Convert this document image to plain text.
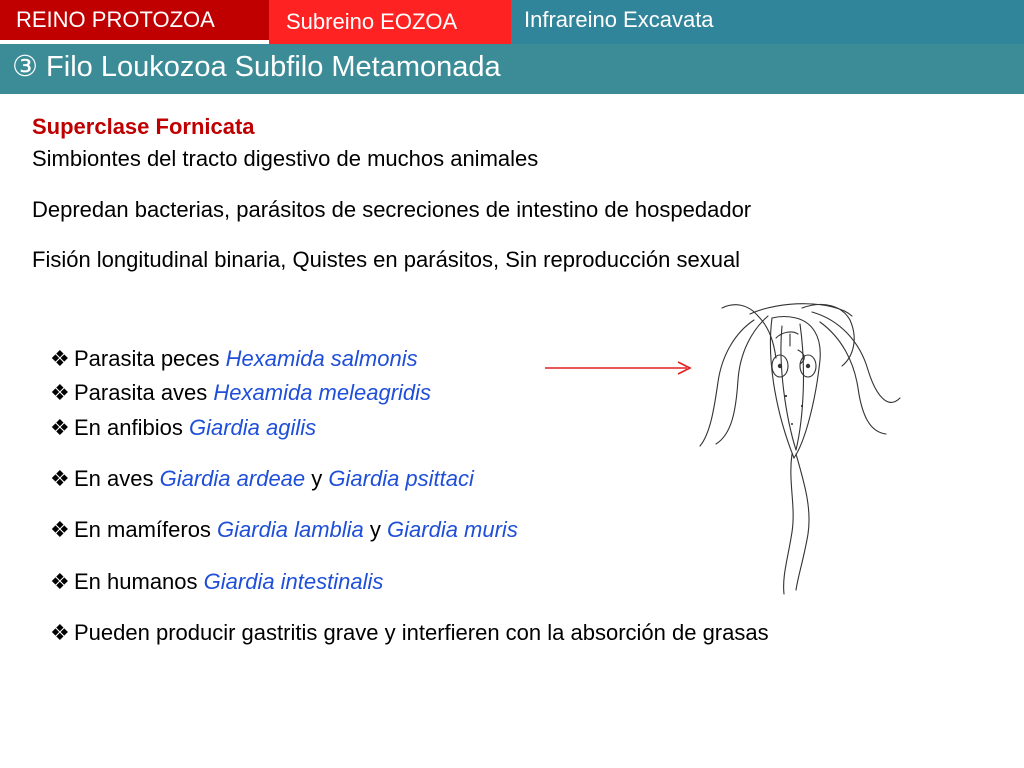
REINO PROTOZOA	Subreino EOZOA	Infrareino Excavata
③ Filo Loukozoa Subfilo Metamonada
Superclase Fornicata
Simbiontes del tracto digestivo de muchos animales
Depredan bacterias, parásitos de secreciones de intestino de hospedador
Fisión longitudinal binaria, Quistes en parásitos, Sin reproducción sexual
❖ Parasita peces Hexamida salmonis
❖ Parasita aves Hexamida meleagridis
❖ En anfibios Giardia agilis
❖ En aves Giardia ardeae y Giardia psittaci
❖ En mamíferos Giardia lamblia y Giardia muris
❖ En humanos Giardia intestinalis
❖ Pueden producir gastritis grave y interfieren con la absorción de grasas
